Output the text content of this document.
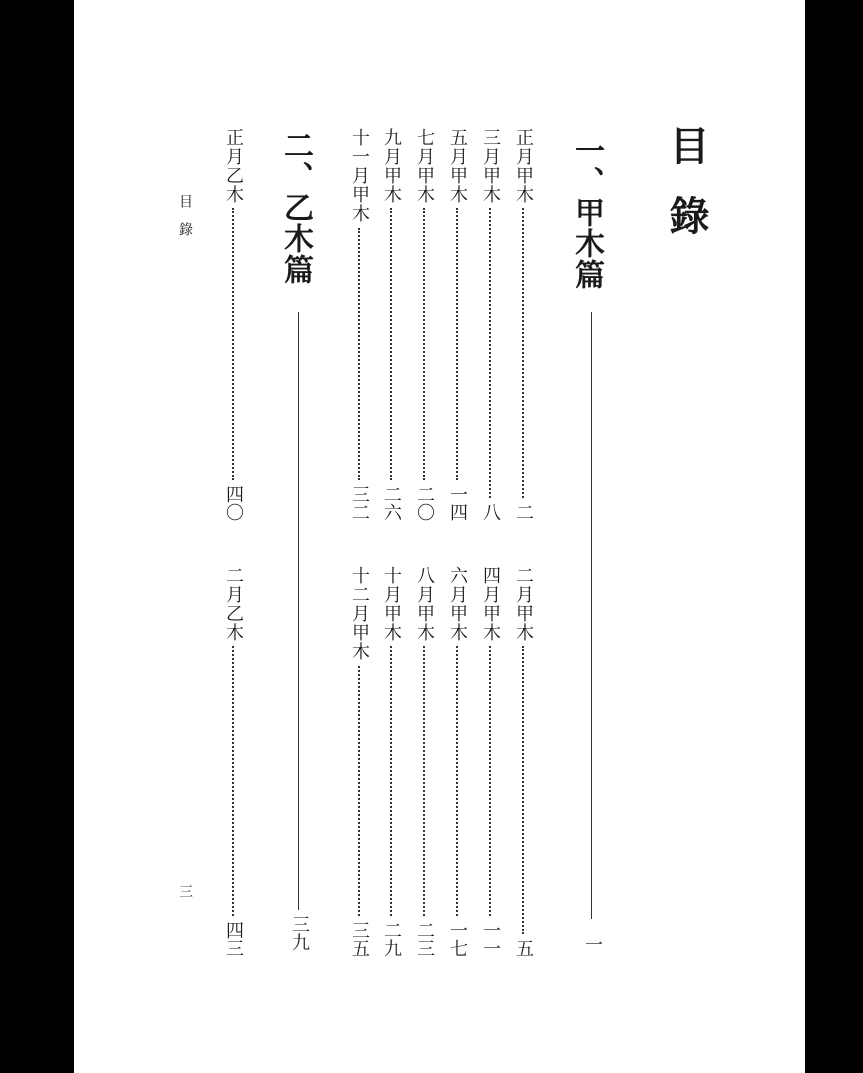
目錄
一、甲木篇
一
正月甲木
二
三月甲木
八
五月甲木
一四
七月甲木
二〇
九月甲木
二六
十一月甲木
三二
二月甲木
五
四月甲木
一一
六月甲木
一七
八月甲木
二三
十月甲木
二九
十二月甲木
三五
二、乙木篇
三九
正月乙木
四〇
二月乙木
四三
目錄
三
